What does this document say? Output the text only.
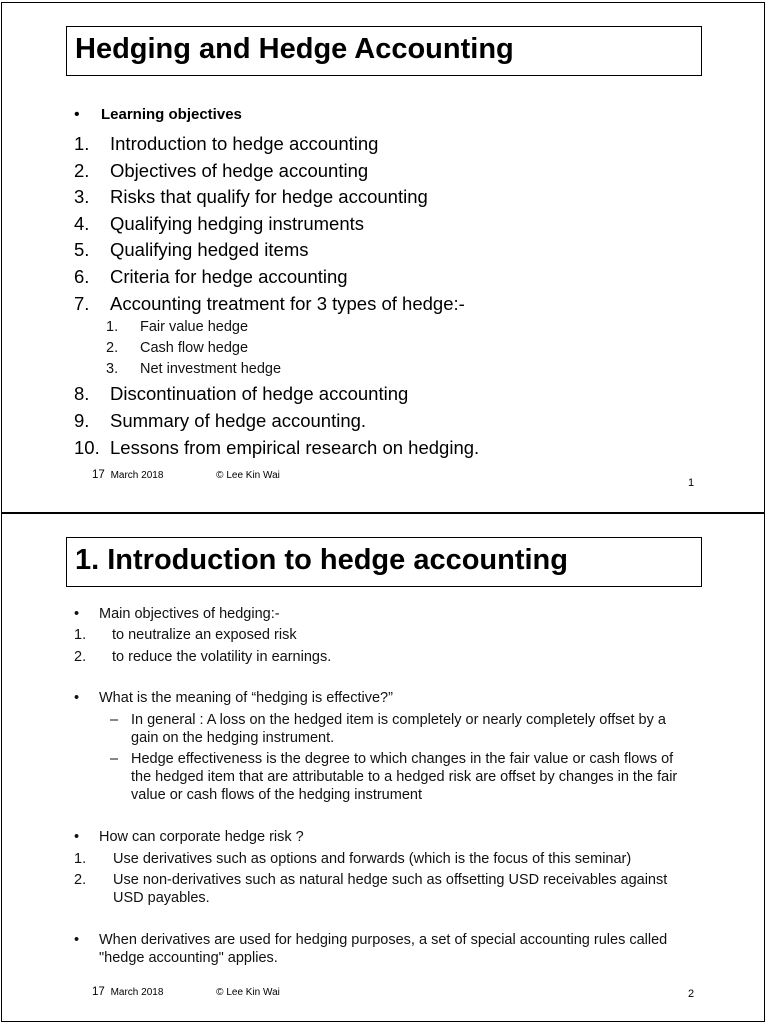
Hedging and Hedge Accounting
• Learning objectives
1. Introduction to hedge accounting
2. Objectives of hedge accounting
3. Risks that qualify for hedge accounting
4. Qualifying hedging instruments
5. Qualifying hedged items
6. Criteria for hedge accounting
7. Accounting treatment for 3 types of hedge:-
1. Fair value hedge
2. Cash flow hedge
3. Net investment hedge
8. Discontinuation of hedge accounting
9. Summary of hedge accounting.
10. Lessons from empirical research on hedging.
17 March 2018	© Lee Kin Wai
1
1. Introduction to hedge accounting
• Main objectives of hedging:-
1. to neutralize an exposed risk
2. to reduce the volatility in earnings.
• What is the meaning of “hedging is effective?”
– In general : A loss on the hedged item is completely or nearly completely offset by a gain on the hedging instrument.
– Hedge effectiveness is the degree to which changes in the fair value or cash flows of the hedged item that are attributable to a hedged risk are offset by changes in the fair value or cash flows of the hedging instrument
• How can corporate hedge risk ?
1. Use derivatives such as options and forwards (which is the focus of this seminar)
2. Use non-derivatives such as natural hedge such as offsetting USD receivables against USD payables.
• When derivatives are used for hedging purposes, a set of special accounting rules called "hedge accounting" applies.
17 March 2018	© Lee Kin Wai	2
